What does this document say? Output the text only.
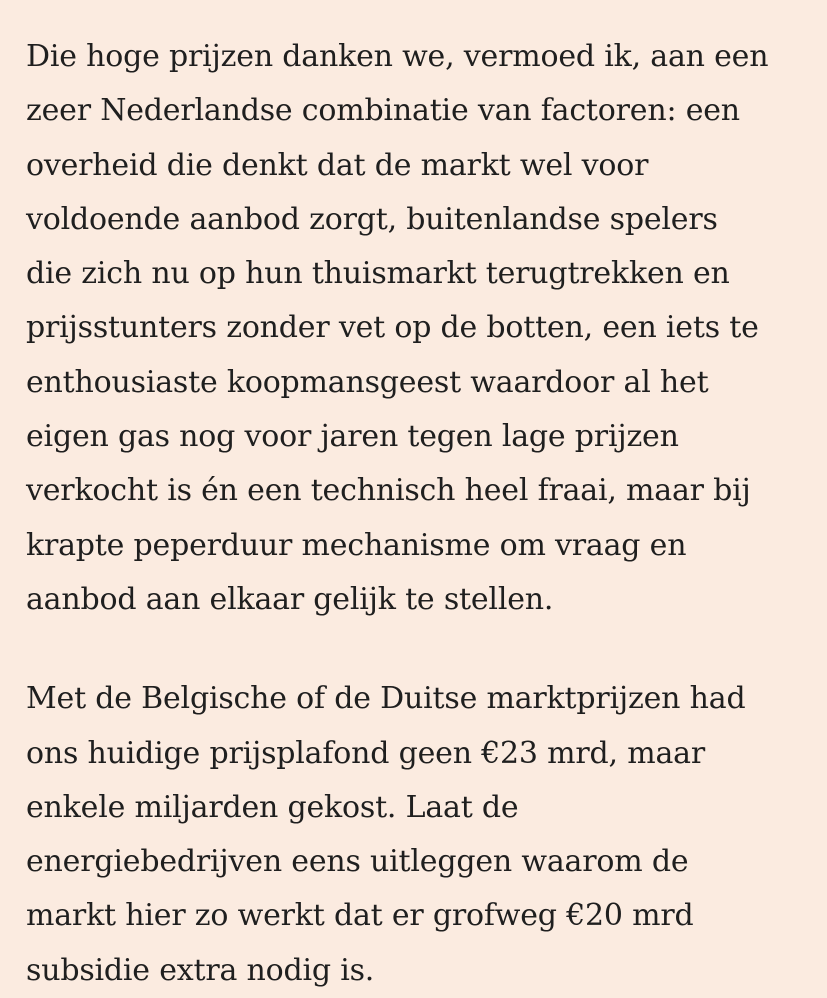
Die hoge prijzen danken we, vermoed ik, aan een
zeer Nederlandse combinatie van factoren: een
overheid die denkt dat de markt wel voor
voldoende aanbod zorgt, buitenlandse spelers
die zich nu op hun thuismarkt terugtrekken en
prijsstunters zonder vet op de botten, een iets te
enthousiaste koopmansgeest waardoor al het
eigen gas nog voor jaren tegen lage prijzen
verkocht is én een technisch heel fraai, maar bij
krapte peperduur mechanisme om vraag en
aanbod aan elkaar gelijk te stellen.

Met de Belgische of de Duitse marktprijzen had
ons huidige prijsplafond geen €23 mrd, maar
enkele miljarden gekost. Laat de
energiebedrijven eens uitleggen waarom de
markt hier zo werkt dat er grofweg €20 mrd
subsidie extra nodig is.
